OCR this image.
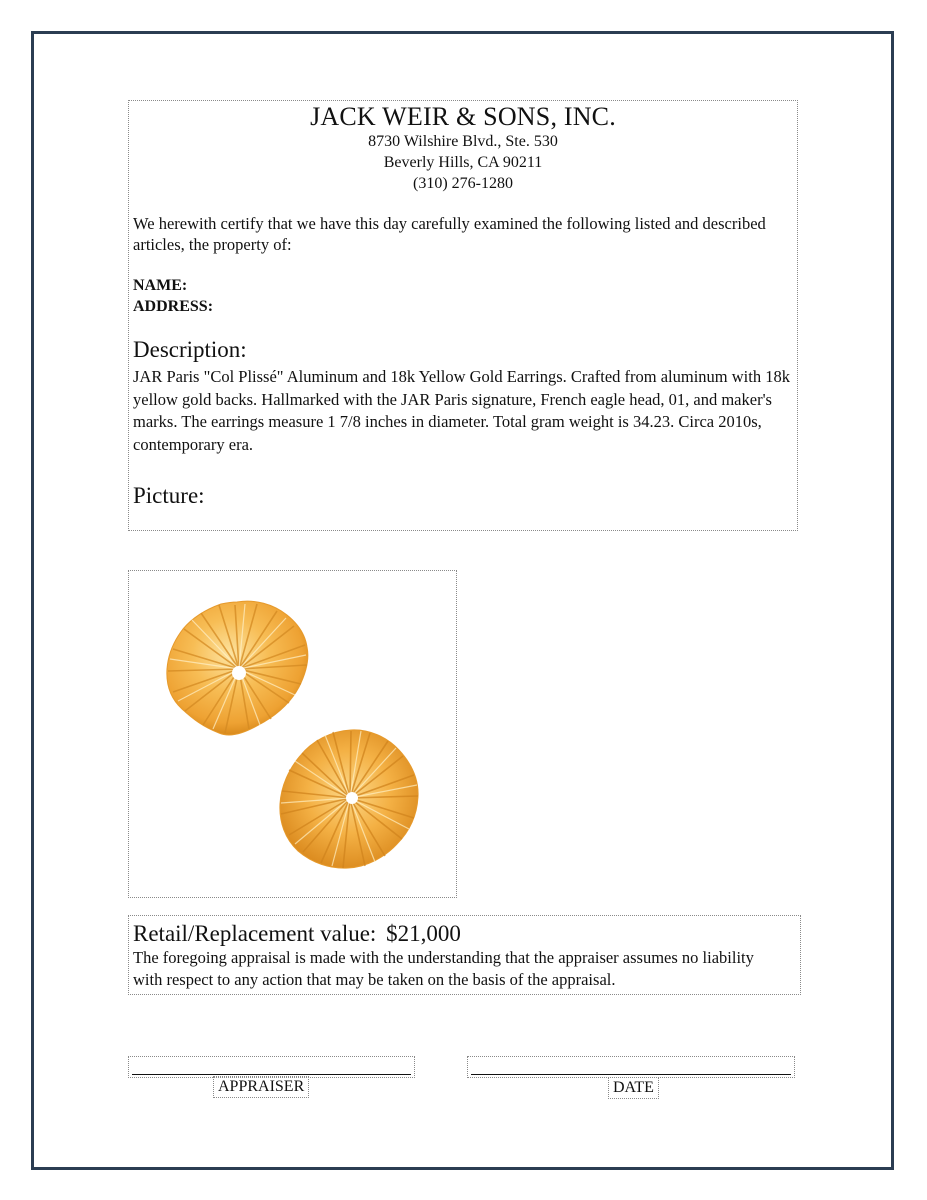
JACK WEIR & SONS, INC.
8730 Wilshire Blvd., Ste. 530
Beverly Hills, CA 90211
(310) 276-1280
We herewith certify that we have this day carefully examined the following listed and described articles, the property of:
NAME:
ADDRESS:
Description:
JAR Paris "Col Plissé" Aluminum and 18k Yellow Gold Earrings. Crafted from aluminum with 18k yellow gold backs. Hallmarked with the JAR Paris signature, French eagle head, 01, and maker's marks. The earrings measure 1 7/8 inches in diameter. Total gram weight is 34.23. Circa 2010s, contemporary era.
Picture:
Retail/Replacement value: $21,000
The foregoing appraisal is made with the understanding that the appraiser assumes no liability with respect to any action that may be taken on the basis of the appraisal.
APPRAISER	DATE
